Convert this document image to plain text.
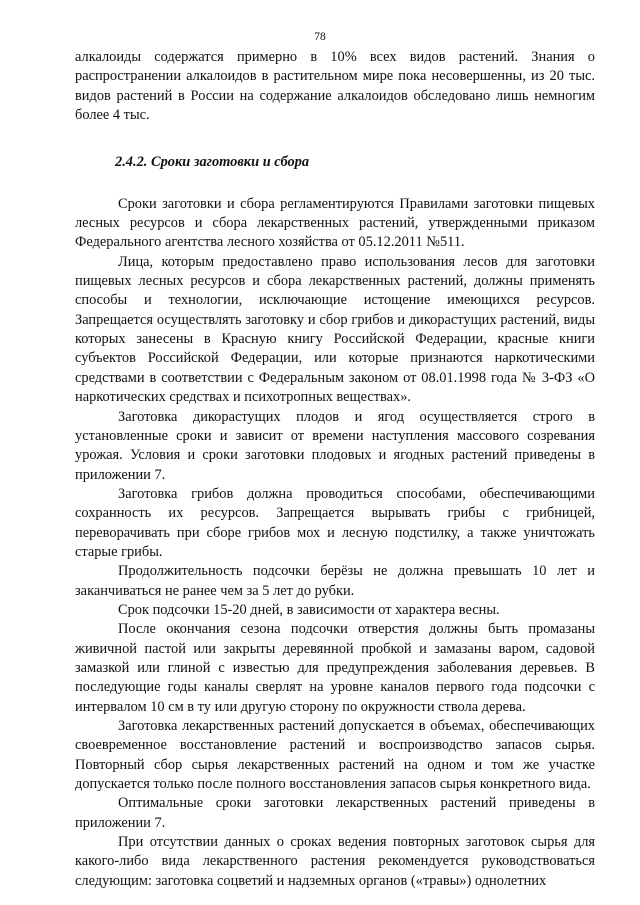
78

алкалоиды содержатся примерно в 10% всех видов растений. Знания о распространении алкалоидов в растительном мире пока несовершенны, из 20 тыс. видов растений в России на содержание алкалоидов обследовано лишь немногим более 4 тыс.

2.4.2. Сроки заготовки и сбора

Сроки заготовки и сбора регламентируются Правилами заготовки пищевых лесных ресурсов и сбора лекарственных растений, утвержденными приказом Федерального агентства лесного хозяйства от 05.12.2011 №511.

Лица, которым предоставлено право использования лесов для заготовки пищевых лесных ресурсов и сбора лекарственных растений, должны применять способы и технологии, исключающие истощение имеющихся ресурсов. Запрещается осуществлять заготовку и сбор грибов и дикорастущих растений, виды которых занесены в Красную книгу Российской Федерации, красные книги субъектов Российской Федерации, или которые признаются наркотическими средствами в соответствии с Федеральным законом от 08.01.1998 года № 3-ФЗ «О наркотических средствах и психотропных веществах».

Заготовка дикорастущих плодов и ягод осуществляется строго в установленные сроки и зависит от времени наступления массового созревания урожая. Условия и сроки заготовки плодовых и ягодных растений приведены в приложении 7.

Заготовка грибов должна проводиться способами, обеспечивающими сохранность их ресурсов. Запрещается вырывать грибы с грибницей, переворачивать при сборе грибов мох и лесную подстилку, а также уничтожать старые грибы.

Продолжительность подсочки берёзы не должна превышать 10 лет и заканчиваться не ранее чем за 5 лет до рубки.

Срок подсочки 15-20 дней, в зависимости от характера весны.

После окончания сезона подсочки отверстия должны быть промазаны живичной пастой или закрыты деревянной пробкой и замазаны варом, садовой замазкой или глиной с известью для предупреждения заболевания деревьев. В последующие годы каналы сверлят на уровне каналов первого года подсочки с интервалом 10 см в ту или другую сторону по окружности ствола дерева.

Заготовка лекарственных растений допускается в объемах, обеспечивающих своевременное восстановление растений и воспроизводство запасов сырья. Повторный сбор сырья лекарственных растений на одном и том же участке допускается только после полного восстановления запасов сырья конкретного вида.

Оптимальные сроки заготовки лекарственных растений приведены в приложении 7.

При отсутствии данных о сроках ведения повторных заготовок сырья для какого-либо вида лекарственного растения рекомендуется руководствоваться следующим: заготовка соцветий и надземных органов («травы») однолетних
